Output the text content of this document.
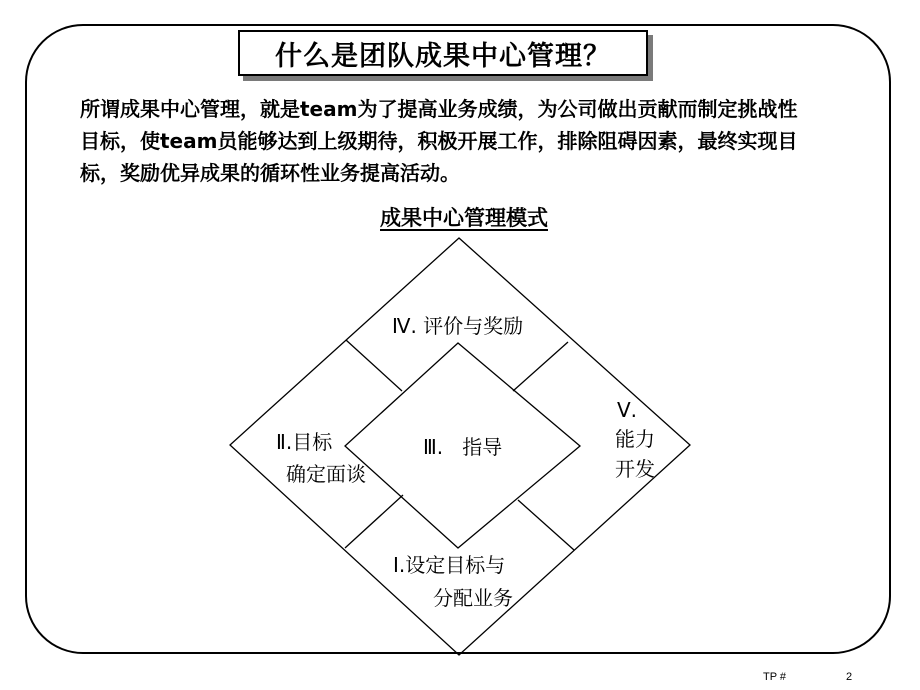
什么是团队成果中心管理？
所谓成果中心管理，就是team为了提高业务成绩，为公司做出贡献而制定挑战性
目标，使team员能够达到上级期待，积极开展工作，排除阻碍因素，最终实现目
标，奖励优异成果的循环性业务提高活动。
成果中心管理模式
Ⅳ. 评价与奖励
Ⅱ.目标
确定面谈
Ⅲ.   指导
Ⅴ.
能力
开发
Ⅰ.设定目标与
分配业务
TP #	2
